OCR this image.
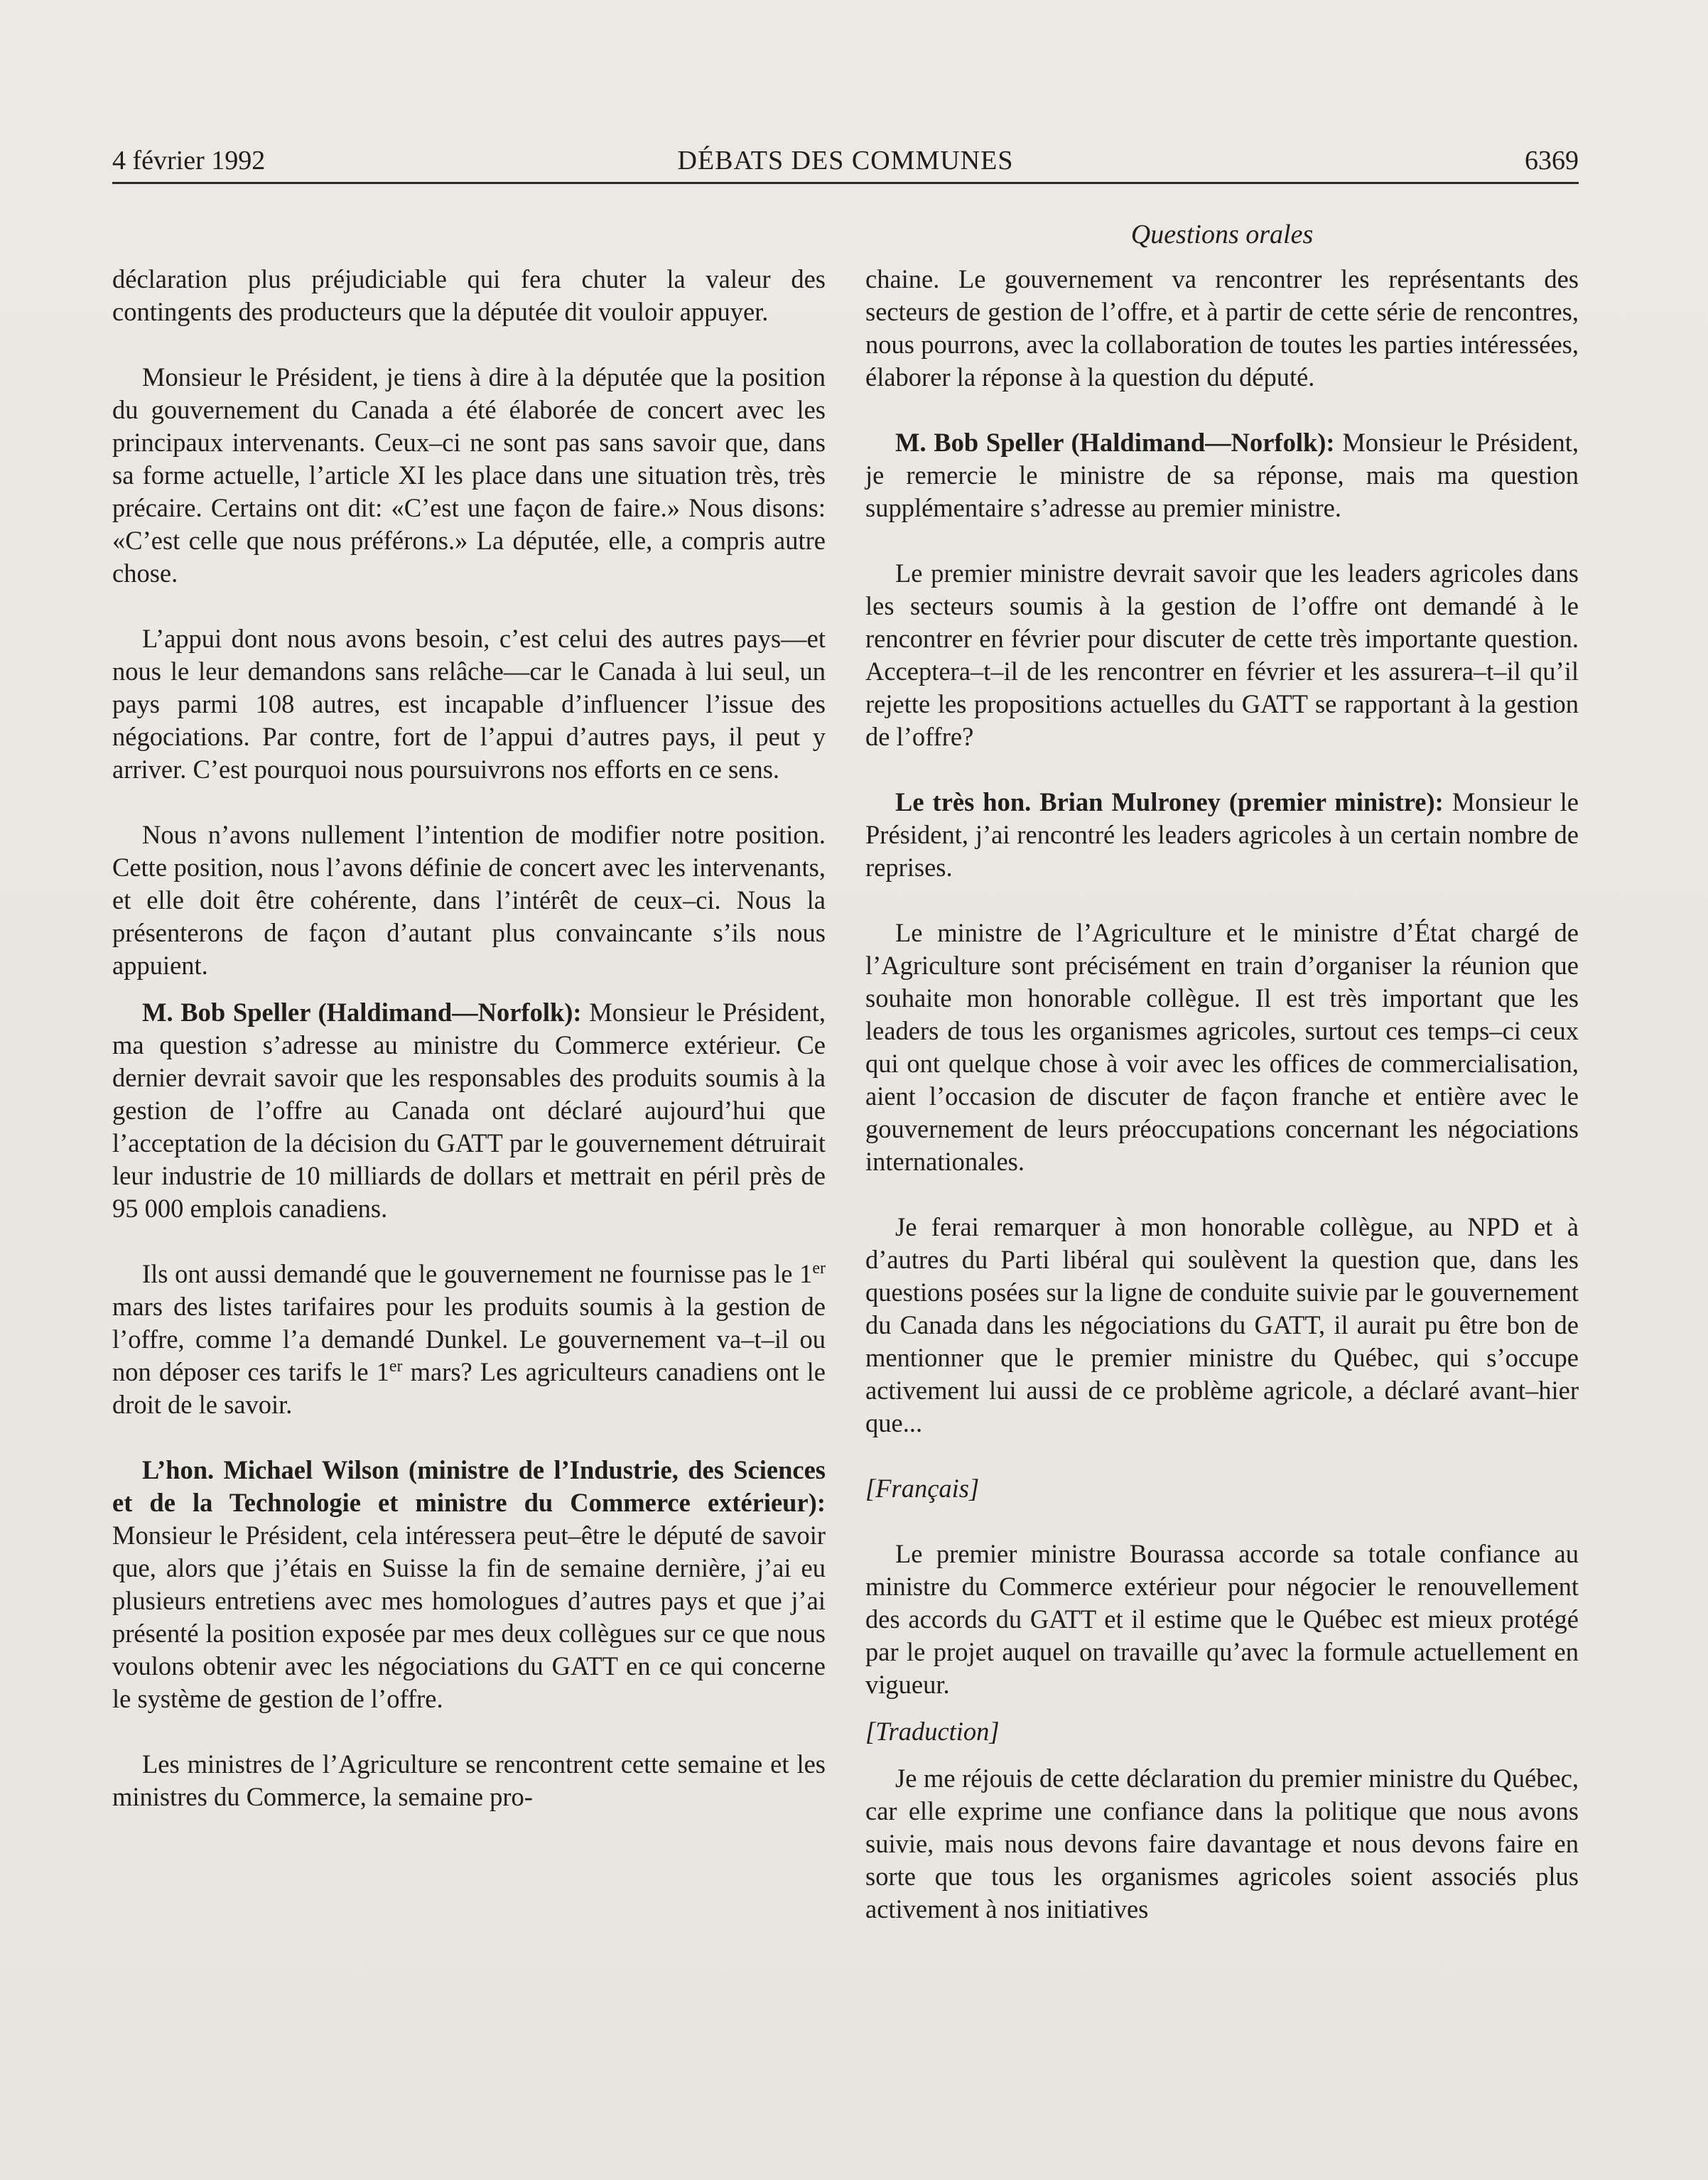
4 février 1992	DÉBATS DES COMMUNES	6369
Questions orales

déclaration plus préjudiciable qui fera chuter la valeur des contingents des producteurs que la députée dit vouloir appuyer.

Monsieur le Président, je tiens à dire à la députée que la position du gouvernement du Canada a été élaborée de concert avec les principaux intervenants. Ceux–ci ne sont pas sans savoir que, dans sa forme actuelle, l’article XI les place dans une situation très, très précaire. Certains ont dit: «C’est une façon de faire.» Nous disons: «C’est celle que nous préférons.» La députée, elle, a compris autre chose.

L’appui dont nous avons besoin, c’est celui des autres pays—et nous le leur demandons sans relâche—car le Canada à lui seul, un pays parmi 108 autres, est incapable d’influencer l’issue des négociations. Par contre, fort de l’appui d’autres pays, il peut y arriver. C’est pourquoi nous poursuivrons nos efforts en ce sens.

Nous n’avons nullement l’intention de modifier notre position. Cette position, nous l’avons définie de concert avec les intervenants, et elle doit être cohérente, dans l’intérêt de ceux–ci. Nous la présenterons de façon d’autant plus convaincante s’ils nous appuient.

M. Bob Speller (Haldimand—Norfolk): Monsieur le Président, ma question s’adresse au ministre du Commerce extérieur. Ce dernier devrait savoir que les responsables des produits soumis à la gestion de l’offre au Canada ont déclaré aujourd’hui que l’acceptation de la décision du GATT par le gouvernement détruirait leur industrie de 10 milliards de dollars et mettrait en péril près de 95 000 emplois canadiens.

Ils ont aussi demandé que le gouvernement ne fournisse pas le 1er mars des listes tarifaires pour les produits soumis à la gestion de l’offre, comme l’a demandé Dunkel. Le gouvernement va–t–il ou non déposer ces tarifs le 1er mars? Les agriculteurs canadiens ont le droit de le savoir.

L’hon. Michael Wilson (ministre de l’Industrie, des Sciences et de la Technologie et ministre du Commerce extérieur): Monsieur le Président, cela intéressera peut–être le député de savoir que, alors que j’étais en Suisse la fin de semaine dernière, j’ai eu plusieurs entretiens avec mes homologues d’autres pays et que j’ai présenté la position exposée par mes deux collègues sur ce que nous voulons obtenir avec les négociations du GATT en ce qui concerne le système de gestion de l’offre.

Les ministres de l’Agriculture se rencontrent cette semaine et les ministres du Commerce, la semaine pro-

chaine. Le gouvernement va rencontrer les représentants des secteurs de gestion de l’offre, et à partir de cette série de rencontres, nous pourrons, avec la collaboration de toutes les parties intéressées, élaborer la réponse à la question du député.

M. Bob Speller (Haldimand—Norfolk): Monsieur le Président, je remercie le ministre de sa réponse, mais ma question supplémentaire s’adresse au premier ministre.

Le premier ministre devrait savoir que les leaders agricoles dans les secteurs soumis à la gestion de l’offre ont demandé à le rencontrer en février pour discuter de cette très importante question. Acceptera–t–il de les rencontrer en février et les assurera–t–il qu’il rejette les propositions actuelles du GATT se rapportant à la gestion de l’offre?

Le très hon. Brian Mulroney (premier ministre): Monsieur le Président, j’ai rencontré les leaders agricoles à un certain nombre de reprises.

Le ministre de l’Agriculture et le ministre d’État chargé de l’Agriculture sont précisément en train d’organiser la réunion que souhaite mon honorable collègue. Il est très important que les leaders de tous les organismes agricoles, surtout ces temps–ci ceux qui ont quelque chose à voir avec les offices de commercialisation, aient l’occasion de discuter de façon franche et entière avec le gouvernement de leurs préoccupations concernant les négociations internationales.

Je ferai remarquer à mon honorable collègue, au NPD et à d’autres du Parti libéral qui soulèvent la question que, dans les questions posées sur la ligne de conduite suivie par le gouvernement du Canada dans les négociations du GATT, il aurait pu être bon de mentionner que le premier ministre du Québec, qui s’occupe activement lui aussi de ce problème agricole, a déclaré avant–hier que...

[Français]

Le premier ministre Bourassa accorde sa totale confiance au ministre du Commerce extérieur pour négocier le renouvellement des accords du GATT et il estime que le Québec est mieux protégé par le projet auquel on travaille qu’avec la formule actuellement en vigueur.

[Traduction]

Je me réjouis de cette déclaration du premier ministre du Québec, car elle exprime une confiance dans la politique que nous avons suivie, mais nous devons faire davantage et nous devons faire en sorte que tous les organismes agricoles soient associés plus activement à nos initiatives
